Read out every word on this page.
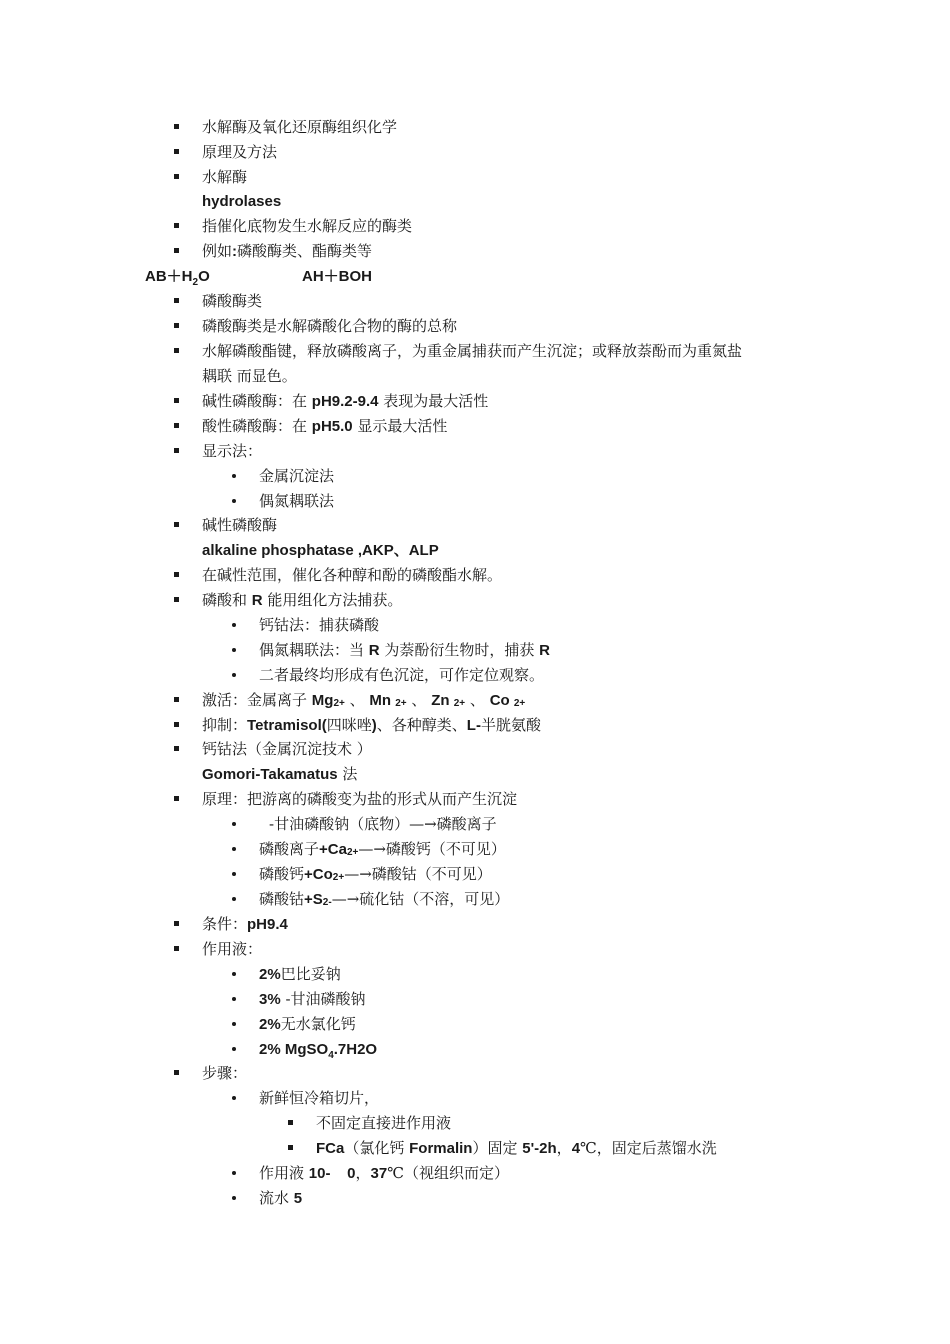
水解酶及氧化还原酶组织化学
原理及方法
水解酶
hydrolases
指催化底物发生水解反应的酶类
例如:磷酸酶类、酯酶类等
$AB+H_2O$	AH＋BOH
磷酸酶类
磷酸酶类是水解磷酸化合物的酶的总称
水解磷酸酯键，释放磷酸离子，为重金属捕获而产生沉淀；或释放萘酚而为重氮盐
耦联 而显色。
碱性磷酸酶：在 pH9.2-9.4 表现为最大活性
酸性磷酸酶：在 pH5.0 显示最大活性
显示法：
金属沉淀法
偶氮耦联法
碱性磷酸酶
alkaline phosphatase ,AKP、ALP
在碱性范围，催化各种醇和酚的磷酸酯水解。
磷酸和 R 能用组化方法捕获。
钙钴法：捕获磷酸
偶氮耦联法：当 R 为萘酚衍生物时，捕获 R
二者最终均形成有色沉淀，可作定位观察。
激活：金属离子 Mg2+ 、 Mn 2+ 、 Zn 2+ 、 Co 2+
抑制：Tetramisol(四咪唑)、各种醇类、L-半胱氨酸
钙钴法（金属沉淀技术 ）
Gomori-Takamatus 法
原理：把游离的磷酸变为盐的形式从而产生沉淀
-甘油磷酸钠（底物）—→磷酸离子
磷酸离子+Ca2+—→磷酸钙（不可见）
磷酸钙+Co2+—→磷酸钴（不可见）
磷酸钴+S2-—→硫化钴（不溶，可见）
条件：pH9.4
作用液：
2%巴比妥钠
3% -甘油磷酸钠
2%无水氯化钙
2% MgSO$_4$.7H2O
步骤：
新鲜恒冷箱切片，
不固定直接进作用液
FCa（氯化钙 Formalin）固定 5'-2h，4℃，固定后蒸馏水洗
作用液 10-    0，37℃（视组织而定）
流水 5
